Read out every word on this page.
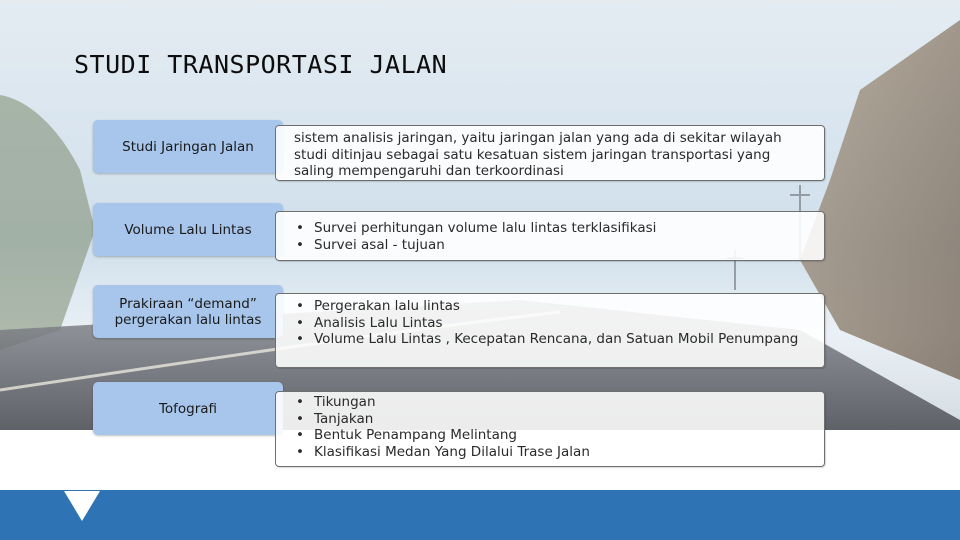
STUDI TRANSPORTASI JALAN
Studi Jaringan Jalan

sistem analisis jaringan, yaitu jaringan jalan yang ada di sekitar wilayah studi ditinjau sebagai satu kesatuan sistem jaringan transportasi yang saling mempengaruhi dan terkoordinasi

Volume Lalu Lintas	• Survei perhitungan volume lalu lintas terklasifikasi
• Survei asal - tujuan
Prakiraan “demand” pergerakan lalu lintas
• Pergerakan lalu lintas
• Analisis Lalu Lintas
• Volume Lalu Lintas , Kecepatan Rencana, dan Satuan Mobil Penumpang
Tofografi	• Tikungan
• Tanjakan
• Bentuk Penampang Melintang
• Klasifikasi Medan Yang Dilalui Trase Jalan
